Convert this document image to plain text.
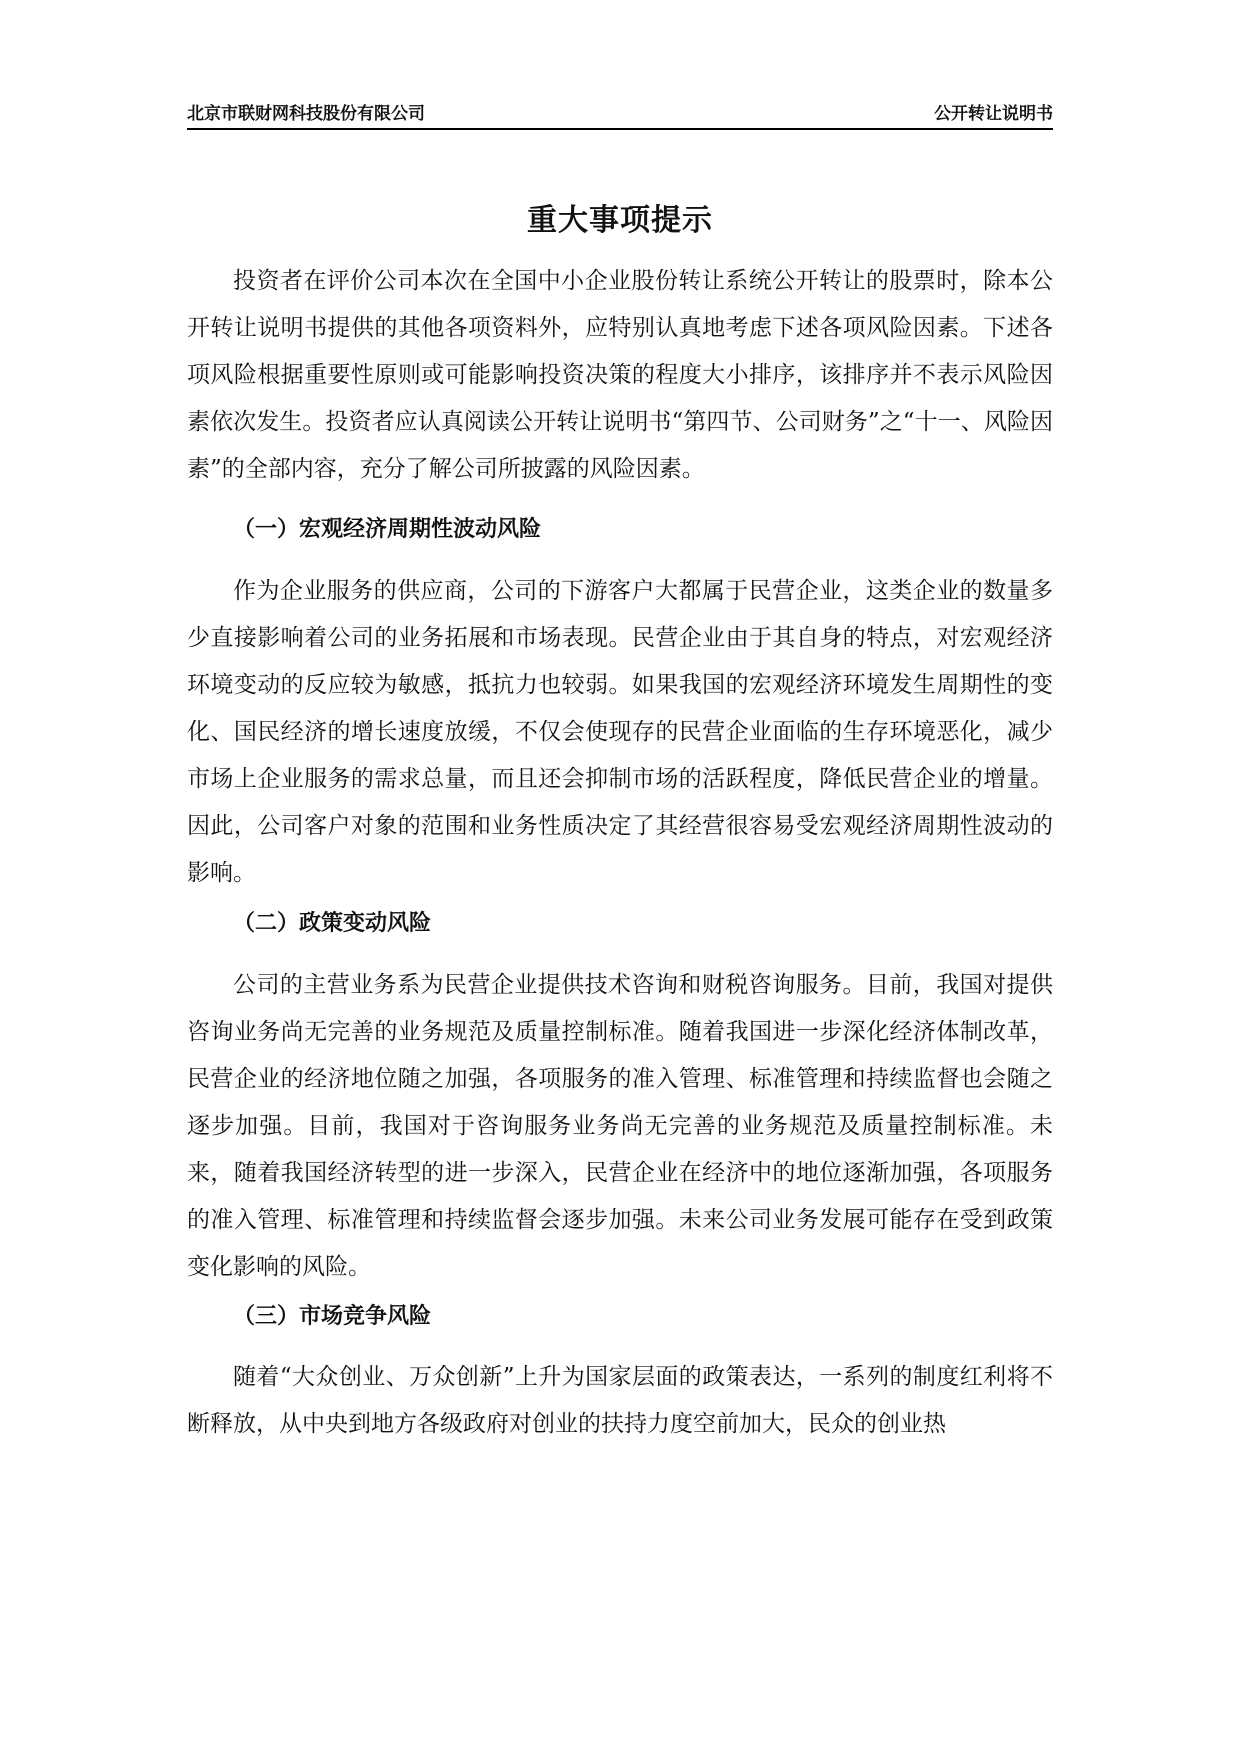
北京市联财网科技股份有限公司	公开转让说明书
重大事项提示

投资者在评价公司本次在全国中小企业股份转让系统公开转让的股票时，除本公开转让说明书提供的其他各项资料外，应特别认真地考虑下述各项风险因素。下述各项风险根据重要性原则或可能影响投资决策的程度大小排序，该排序并不表示风险因素依次发生。投资者应认真阅读公开转让说明书“第四节、公司财务”之“十一、风险因素”的全部内容，充分了解公司所披露的风险因素。

（一）宏观经济周期性波动风险

作为企业服务的供应商，公司的下游客户大都属于民营企业，这类企业的数量多少直接影响着公司的业务拓展和市场表现。民营企业由于其自身的特点，对宏观经济环境变动的反应较为敏感，抵抗力也较弱。如果我国的宏观经济环境发生周期性的变化、国民经济的增长速度放缓，不仅会使现存的民营企业面临的生存环境恶化，减少市场上企业服务的需求总量，而且还会抑制市场的活跃程度，降低民营企业的增量。因此，公司客户对象的范围和业务性质决定了其经营很容易受宏观经济周期性波动的影响。

（二）政策变动风险

公司的主营业务系为民营企业提供技术咨询和财税咨询服务。目前，我国对提供咨询业务尚无完善的业务规范及质量控制标准。随着我国进一步深化经济体制改革，民营企业的经济地位随之加强，各项服务的准入管理、标准管理和持续监督也会随之逐步加强。目前，我国对于咨询服务业务尚无完善的业务规范及质量控制标准。未来，随着我国经济转型的进一步深入，民营企业在经济中的地位逐渐加强，各项服务的准入管理、标准管理和持续监督会逐步加强。未来公司业务发展可能存在受到政策变化影响的风险。

（三）市场竞争风险

随着“大众创业、万众创新”上升为国家层面的政策表达，一系列的制度红利将不断释放，从中央到地方各级政府对创业的扶持力度空前加大，民众的创业热
